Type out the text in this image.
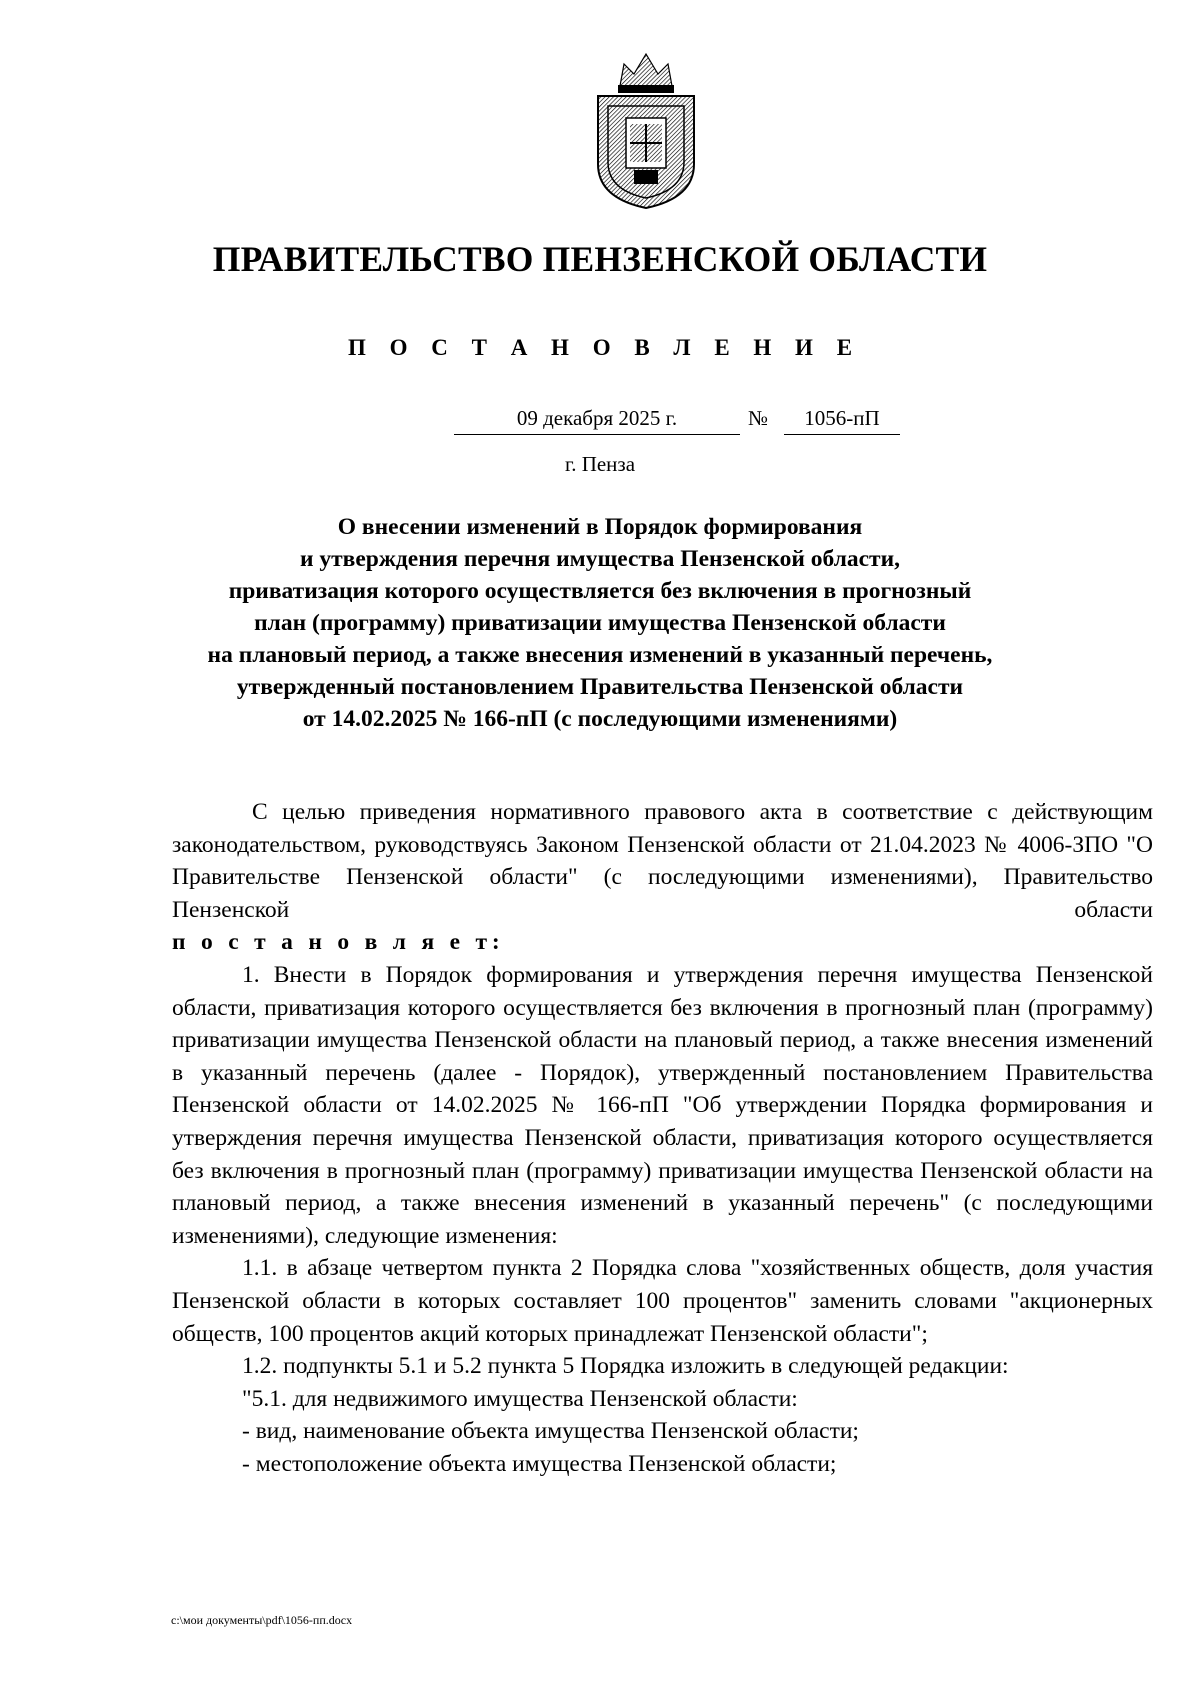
ПРАВИТЕЛЬСТВО ПЕНЗЕНСКОЙ ОБЛАСТИ
П О С Т А Н О В Л Е Н И Е
09 декабря 2025 г.	№	1056-пП
г. Пенза
О внесении изменений в Порядок формирования
и утверждения перечня имущества Пензенской области,
приватизация которого осуществляется без включения в прогнозный
план (программу) приватизации имущества Пензенской области
на плановый период, а также внесения изменений в указанный перечень,
утвержденный постановлением Правительства Пензенской области
от 14.02.2025 № 166-пП (с последующими изменениями)

С целью приведения нормативного правового акта в соответствие с действующим законодательством, руководствуясь Законом Пензенской области от 21.04.2023 № 4006-ЗПО "О Правительстве Пензенской области" (с последующими изменениями), Правительство Пензенской области

п о с т а н о в л я е т:

1. Внести в Порядок формирования и утверждения перечня имущества Пензенской области, приватизация которого осуществляется без включения в прогнозный план (программу) приватизации имущества Пензенской области на плановый период, а также внесения изменений в указанный перечень (далее - Порядок), утвержденный постановлением Правительства Пензенской области от 14.02.2025 № 166-пП "Об утверждении Порядка формирования и утверждения перечня имущества Пензенской области, приватизация которого осуществляется без включения в прогнозный план (программу) приватизации имущества Пензенской области на плановый период, а также внесения изменений в указанный перечень" (с последующими изменениями), следующие изменения:

1.1. в абзаце четвертом пункта 2 Порядка слова "хозяйственных обществ, доля участия Пензенской области в которых составляет 100 процентов" заменить словами "акционерных обществ, 100 процентов акций которых принадлежат Пензенской области";

1.2. подпункты 5.1 и 5.2 пункта 5 Порядка изложить в следующей редакции:

"5.1. для недвижимого имущества Пензенской области:

- вид, наименование объекта имущества Пензенской области;

- местоположение объекта имущества Пензенской области;

c:\мои документы\pdf\1056-пп.docx
